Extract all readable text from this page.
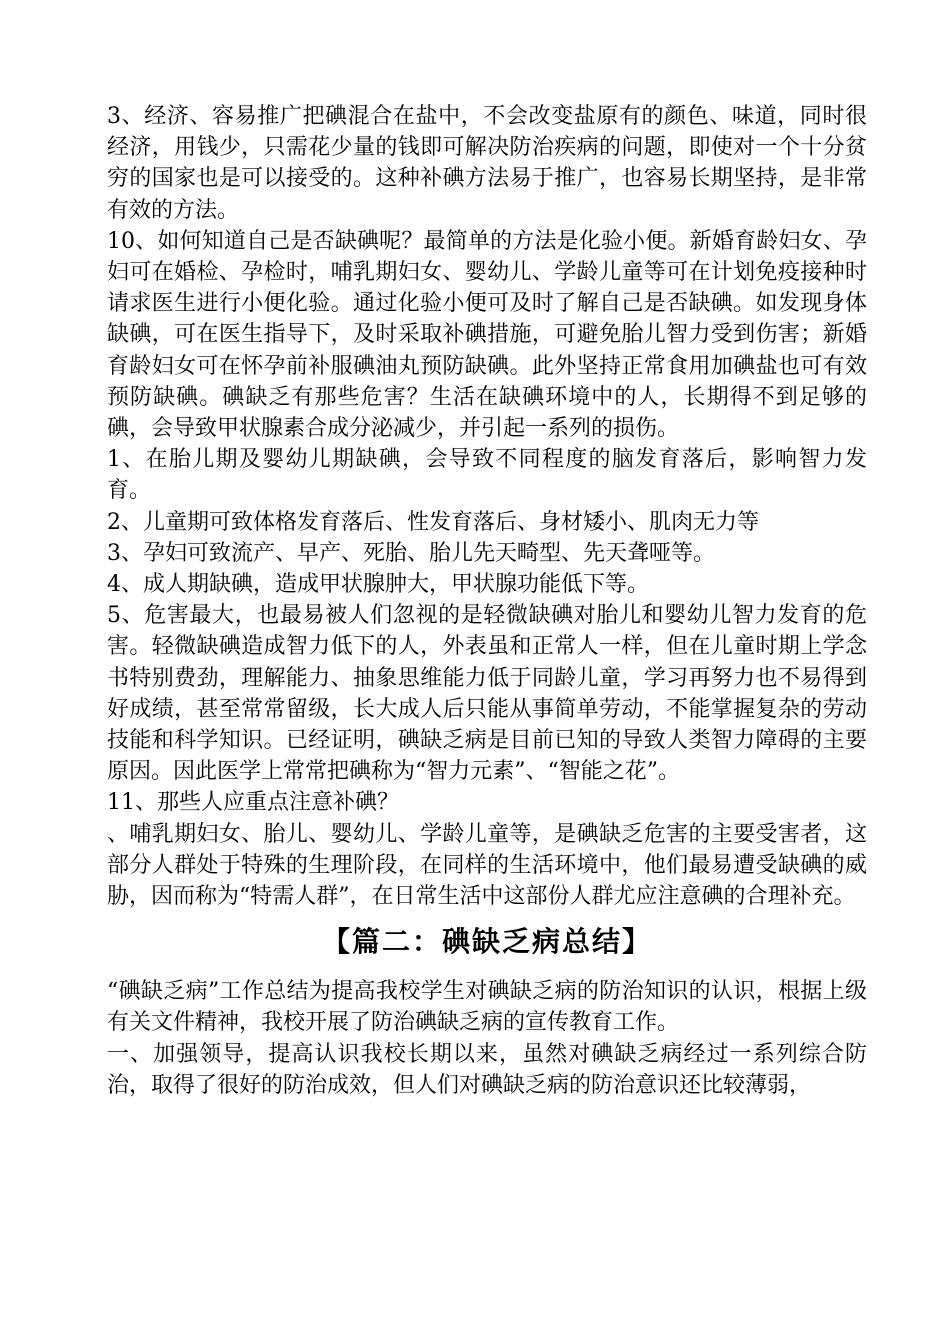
3、经济、容易推广把碘混合在盐中，不会改变盐原有的颜色、味道，同时很经济，用钱少，只需花少量的钱即可解决防治疾病的问题，即使对一个十分贫穷的国家也是可以接受的。这种补碘方法易于推广，也容易长期坚持，是非常有效的方法。

10、如何知道自己是否缺碘呢？最简单的方法是化验小便。新婚育龄妇女、孕妇可在婚检、孕检时，哺乳期妇女、婴幼儿、学龄儿童等可在计划免疫接种时请求医生进行小便化验。通过化验小便可及时了解自己是否缺碘。如发现身体缺碘，可在医生指导下，及时采取补碘措施，可避免胎儿智力受到伤害；新婚育龄妇女可在怀孕前补服碘油丸预防缺碘。此外坚持正常食用加碘盐也可有效预防缺碘。碘缺乏有那些危害？生活在缺碘环境中的人，长期得不到足够的碘，会导致甲状腺素合成分泌减少，并引起一系列的损伤。

1、在胎儿期及婴幼儿期缺碘，会导致不同程度的脑发育落后，影响智力发育。

2、儿童期可致体格发育落后、性发育落后、身材矮小、肌肉无力等

3、孕妇可致流产、早产、死胎、胎儿先天畸型、先天聋哑等。

4、成人期缺碘，造成甲状腺肿大，甲状腺功能低下等。

5、危害最大，也最易被人们忽视的是轻微缺碘对胎儿和婴幼儿智力发育的危害。轻微缺碘造成智力低下的人，外表虽和正常人一样，但在儿童时期上学念书特别费劲，理解能力、抽象思维能力低于同龄儿童，学习再努力也不易得到好成绩，甚至常常留级，长大成人后只能从事简单劳动，不能掌握复杂的劳动技能和科学知识。已经证明，碘缺乏病是目前已知的导致人类智力障碍的主要原因。因此医学上常常把碘称为“智力元素”、“智能之花”。

11、那些人应重点注意补碘？

、哺乳期妇女、胎儿、婴幼儿、学龄儿童等，是碘缺乏危害的主要受害者，这部分人群处于特殊的生理阶段，在同样的生活环境中，他们最易遭受缺碘的威胁，因而称为“特需人群”，在日常生活中这部份人群尤应注意碘的合理补充。

【篇二：碘缺乏病总结】

“碘缺乏病”工作总结为提高我校学生对碘缺乏病的防治知识的认识，根据上级有关文件精神，我校开展了防治碘缺乏病的宣传教育工作。

一、加强领导，提高认识我校长期以来，虽然对碘缺乏病经过一系列综合防治，取得了很好的防治成效，但人们对碘缺乏病的防治意识还比较薄弱，
